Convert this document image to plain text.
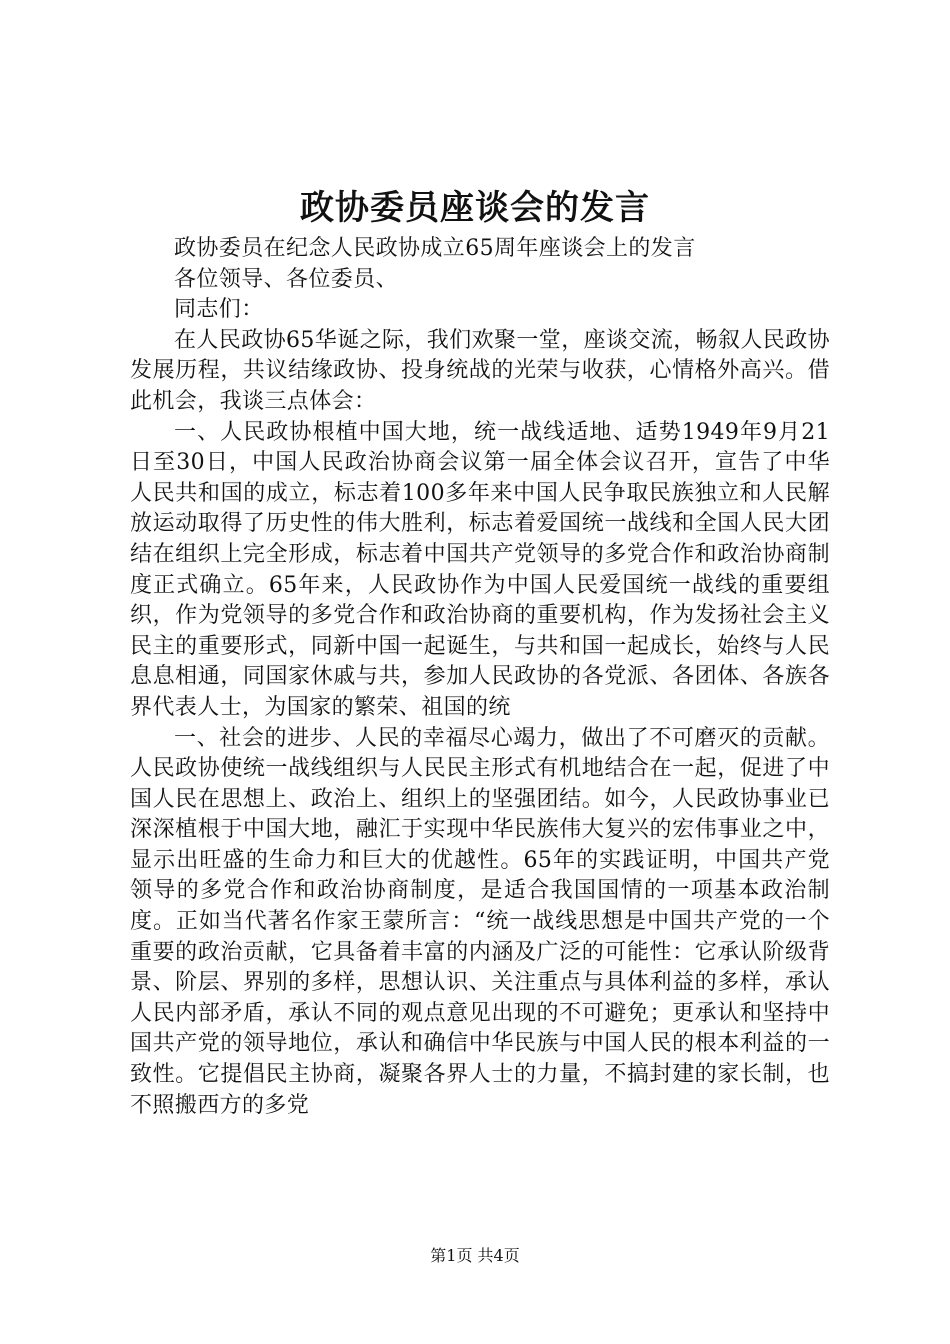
政协委员座谈会的发言

政协委员在纪念人民政协成立65周年座谈会上的发言

各位领导、各位委员、

同志们：

在人民政协65华诞之际，我们欢聚一堂，座谈交流，畅叙人民政协发展历程，共议结缘政协、投身统战的光荣与收获，心情格外高兴。借此机会，我谈三点体会：

一、人民政协根植中国大地，统一战线适地、适势1949年9月21日至30日，中国人民政治协商会议第一届全体会议召开，宣告了中华人民共和国的成立，标志着100多年来中国人民争取民族独立和人民解放运动取得了历史性的伟大胜利，标志着爱国统一战线和全国人民大团结在组织上完全形成，标志着中国共产党领导的多党合作和政治协商制度正式确立。65年来，人民政协作为中国人民爱国统一战线的重要组织，作为党领导的多党合作和政治协商的重要机构，作为发扬社会主义民主的重要形式，同新中国一起诞生，与共和国一起成长，始终与人民息息相通，同国家休戚与共，参加人民政协的各党派、各团体、各族各界代表人士，为国家的繁荣、祖国的统

一、社会的进步、人民的幸福尽心竭力，做出了不可磨灭的贡献。人民政协使统一战线组织与人民民主形式有机地结合在一起，促进了中国人民在思想上、政治上、组织上的坚强团结。如今，人民政协事业已深深植根于中国大地，融汇于实现中华民族伟大复兴的宏伟事业之中，显示出旺盛的生命力和巨大的优越性。65年的实践证明，中国共产党领导的多党合作和政治协商制度，是适合我国国情的一项基本政治制度。正如当代著名作家王蒙所言：“统一战线思想是中国共产党的一个重要的政治贡献，它具备着丰富的内涵及广泛的可能性：它承认阶级背景、阶层、界别的多样，思想认识、关注重点与具体利益的多样，承认人民内部矛盾，承认不同的观点意见出现的不可避免；更承认和坚持中国共产党的领导地位，承认和确信中华民族与中国人民的根本利益的一致性。它提倡民主协商，凝聚各界人士的力量，不搞封建的家长制，也不照搬西方的多党

第1页 共4页
